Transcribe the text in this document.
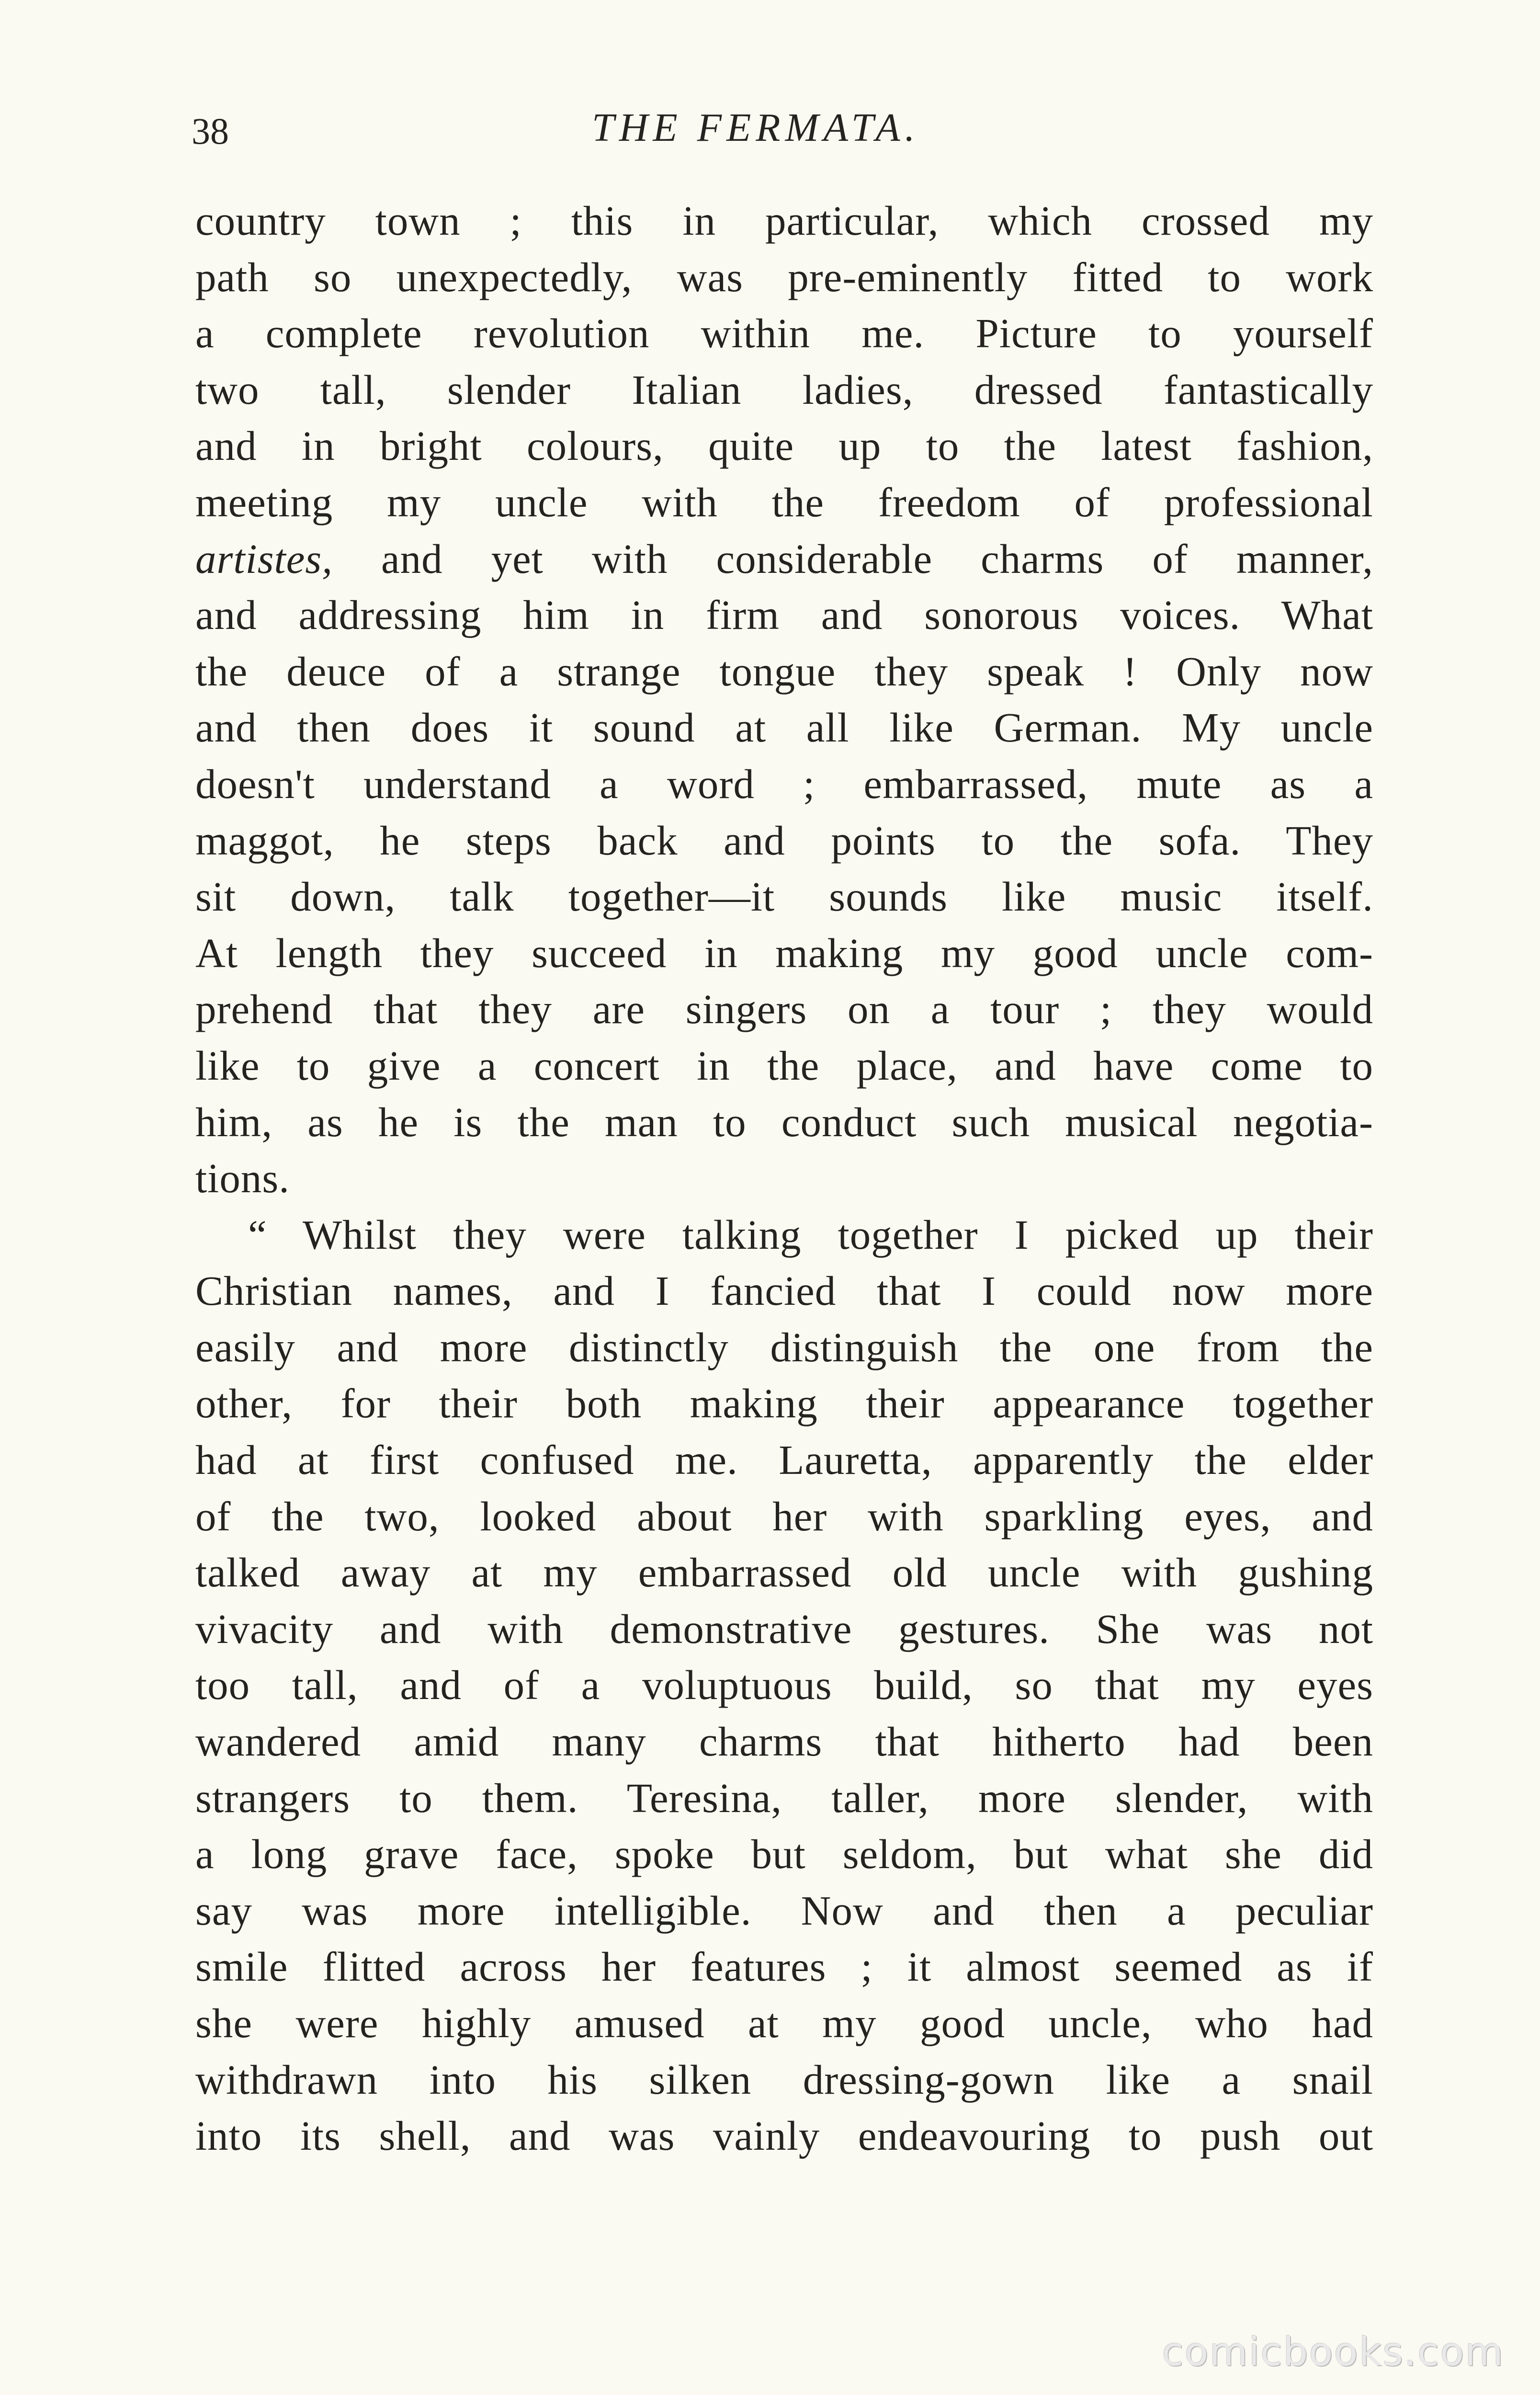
38	THE FERMATA.
country town ; this in particular, which crossed my
path so unexpectedly, was pre-eminently fitted to work
a complete revolution within me. Picture to yourself
two tall, slender Italian ladies, dressed fantastically
and in bright colours, quite up to the latest fashion,
meeting my uncle with the freedom of professional
artistes, and yet with considerable charms of manner,
and addressing him in firm and sonorous voices. What
the deuce of a strange tongue they speak ! Only now
and then does it sound at all like German. My uncle
doesn't understand a word ; embarrassed, mute as a
maggot, he steps back and points to the sofa. They
sit down, talk together—it sounds like music itself.
At length they succeed in making my good uncle com-
prehend that they are singers on a tour ; they would
like to give a concert in the place, and have come to
him, as he is the man to conduct such musical negotia-
tions.
“ Whilst they were talking together I picked up their
Christian names, and I fancied that I could now more
easily and more distinctly distinguish the one from the
other, for their both making their appearance together
had at first confused me. Lauretta, apparently the elder
of the two, looked about her with sparkling eyes, and
talked away at my embarrassed old uncle with gushing
vivacity and with demonstrative gestures. She was not
too tall, and of a voluptuous build, so that my eyes
wandered amid many charms that hitherto had been
strangers to them. Teresina, taller, more slender, with
a long grave face, spoke but seldom, but what she did
say was more intelligible. Now and then a peculiar
smile flitted across her features ; it almost seemed as if
she were highly amused at my good uncle, who had
withdrawn into his silken dressing-gown like a snail
into its shell, and was vainly endeavouring to push out
comicbooks.com
